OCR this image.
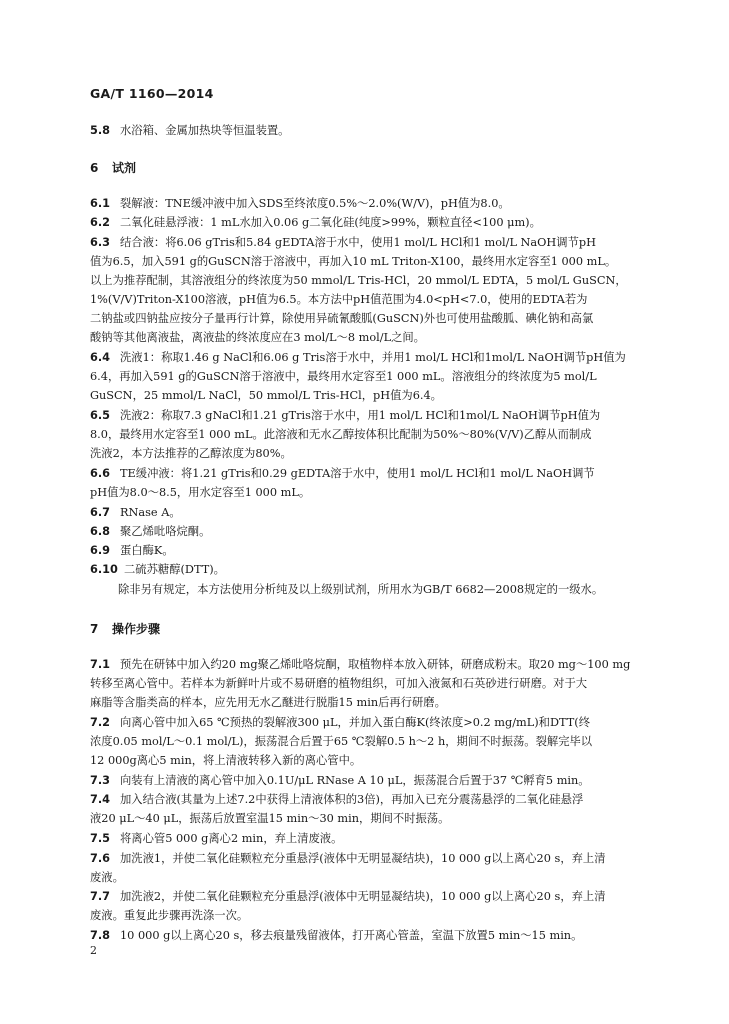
GA/T 1160—2014
5.8 水浴箱、金属加热块等恒温装置。
6 试剂
6.1 裂解液：TNE缓冲液中加入SDS至终浓度0.5%～2.0%(W/V)，pH值为8.0。
6.2 二氧化硅悬浮液：1 mL水加入0.06 g二氧化硅(纯度>99%，颗粒直径<100 μm)。
6.3 结合液：将6.06 gTris和5.84 gEDTA溶于水中，使用1 mol/L HCl和1 mol/L NaOH调节pH
值为6.5，加入591 g的GuSCN溶于溶液中，再加入10 mL Triton-X100，最终用水定容至1 000 mL。
以上为推荐配制，其溶液组分的终浓度为50 mmol/L Tris-HCl，20 mmol/L EDTA，5 mol/L GuSCN，
1%(V/V)Triton-X100溶液，pH值为6.5。本方法中pH值范围为4.0<pH<7.0，使用的EDTA若为
二钠盐或四钠盐应按分子量再行计算，除使用异硫氰酸胍(GuSCN)外也可使用盐酸胍、碘化钠和高氯
酸钠等其他离液盐，离液盐的终浓度应在3 mol/L～8 mol/L之间。
6.4 洗液1：称取1.46 g NaCl和6.06 g Tris溶于水中，并用1 mol/L HCl和1mol/L NaOH调节pH值为
6.4，再加入591 g的GuSCN溶于溶液中，最终用水定容至1 000 mL。溶液组分的终浓度为5 mol/L
GuSCN，25 mmol/L NaCl，50 mmol/L Tris-HCl，pH值为6.4。
6.5 洗液2：称取7.3 gNaCl和1.21 gTris溶于水中，用1 mol/L HCl和1mol/L NaOH调节pH值为
8.0，最终用水定容至1 000 mL。此溶液和无水乙醇按体积比配制为50%～80%(V/V)乙醇从而制成
洗液2，本方法推荐的乙醇浓度为80%。
6.6 TE缓冲液：将1.21 gTris和0.29 gEDTA溶于水中，使用1 mol/L HCl和1 mol/L NaOH调节
pH值为8.0～8.5，用水定容至1 000 mL。
6.7 RNase A。
6.8 聚乙烯吡咯烷酮。
6.9 蛋白酶K。
6.10 二硫苏糖醇(DTT)。
除非另有规定，本方法使用分析纯及以上级别试剂，所用水为GB/T 6682—2008规定的一级水。
7 操作步骤
7.1 预先在研钵中加入约20 mg聚乙烯吡咯烷酮，取植物样本放入研钵，研磨成粉末。取20 mg～100 mg
转移至离心管中。若样本为新鲜叶片或不易研磨的植物组织，可加入液氮和石英砂进行研磨。对于大
麻脂等含脂类高的样本，应先用无水乙醚进行脱脂15 min后再行研磨。
7.2 向离心管中加入65 ℃预热的裂解液300 μL，并加入蛋白酶K(终浓度>0.2 mg/mL)和DTT(终
浓度0.05 mol/L～0.1 mol/L)，振荡混合后置于65 ℃裂解0.5 h～2 h，期间不时振荡。裂解完毕以
12 000g离心5 min，将上清液转移入新的离心管中。
7.3 向装有上清液的离心管中加入0.1U/μL RNase A 10 μL，振荡混合后置于37 ℃孵育5 min。
7.4 加入结合液(其量为上述7.2中获得上清液体积的3倍)，再加入已充分震荡悬浮的二氧化硅悬浮
液20 μL～40 μL，振荡后放置室温15 min～30 min，期间不时振荡。
7.5 将离心管5 000 g离心2 min，弃上清废液。
7.6 加洗液1，并使二氧化硅颗粒充分重悬浮(液体中无明显凝结块)，10 000 g以上离心20 s，弃上清
废液。
7.7 加洗液2，并使二氧化硅颗粒充分重悬浮(液体中无明显凝结块)，10 000 g以上离心20 s，弃上清
废液。重复此步骤再洗涤一次。
7.8 10 000 g以上离心20 s，移去痕量残留液体，打开离心管盖，室温下放置5 min～15 min。
2
